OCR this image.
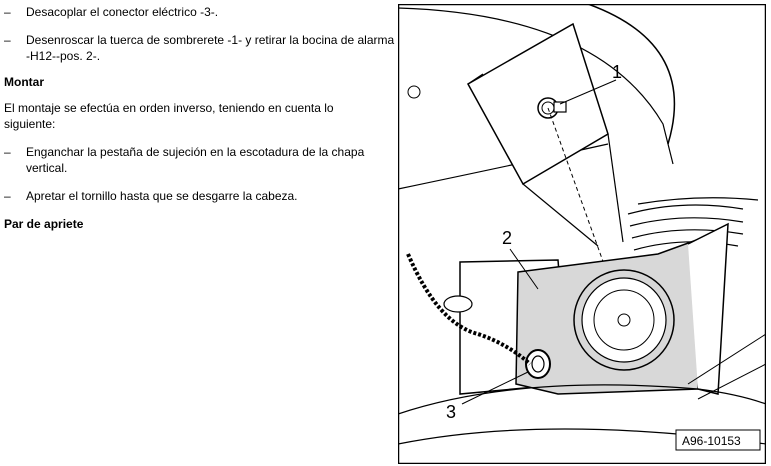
– Desacoplar el conector eléctrico -3-.
– Desenroscar la tuerca de sombrerete -1- y retirar la bocina de alarma -H12--pos. 2-.
Montar
El montaje se efectúa en orden inverso, teniendo en cuenta lo siguiente:
– Enganchar la pestaña de sujeción en la escotadura de la chapa vertical.
– Apretar el tornillo hasta que se desgarre la cabeza.
Par de apriete
1
2
3
A96-10153
